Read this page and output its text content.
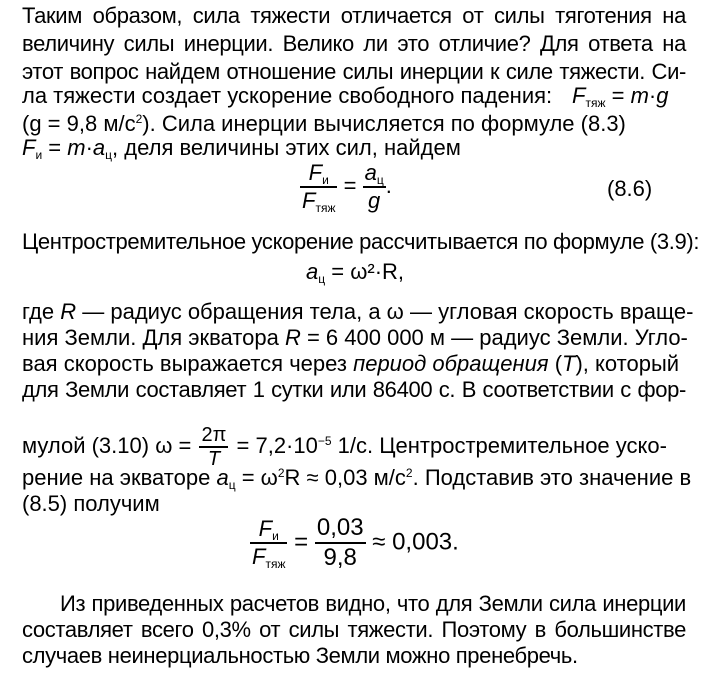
Таким образом, сила тяжести отличается от силы тяготения на
величину силы инерции. Велико ли это отличие? Для ответа на
этот вопрос найдем отношение силы инерции к силе тяжести. Си-
ла тяжести создает ускорение свободного падения: $F_{тяж} = m\cdot g$
(g = 9,8 $м/с^2$). Сила инерции вычисляется по формуле (8.3)
$F_и = m\cdot a_ц$, деля величины этих сил, найдем
$\frac{F_и}{F_{тяж}} = \frac{a_ц}{g}$ .	(8.6)
Центростремительное ускорение рассчитывается по формуле (3.9):
$a_ц = \omega^2\cdot R$,
где R — радиус обращения тела, а ω — угловая скорость враще-
ния Земли. Для экватора R = 6 400 000 м — радиус Земли. Угло-
вая скорость выражается через период обращения (T), который
для Земли составляет 1 сутки или 86400 с. В соответствии с фор-
мулой (3.10) $\omega = \frac{2\pi}{T} = 7,2\cdot 10^{-5}$ 1/с. Центростремительное уско-
рение на экваторе $a_ц = \omega^2R \approx 0,03$ $м/с^2$. Подставив это значение в
(8.5) получим
$\frac{F_и}{F_{тяж}} = \frac{0,03}{9,8} \approx 0,003$.
Из приведенных расчетов видно, что для Земли сила инерции
составляет всего 0,3% от силы тяжести. Поэтому в большинстве
случаев неинерциальностью Земли можно пренебречь.
